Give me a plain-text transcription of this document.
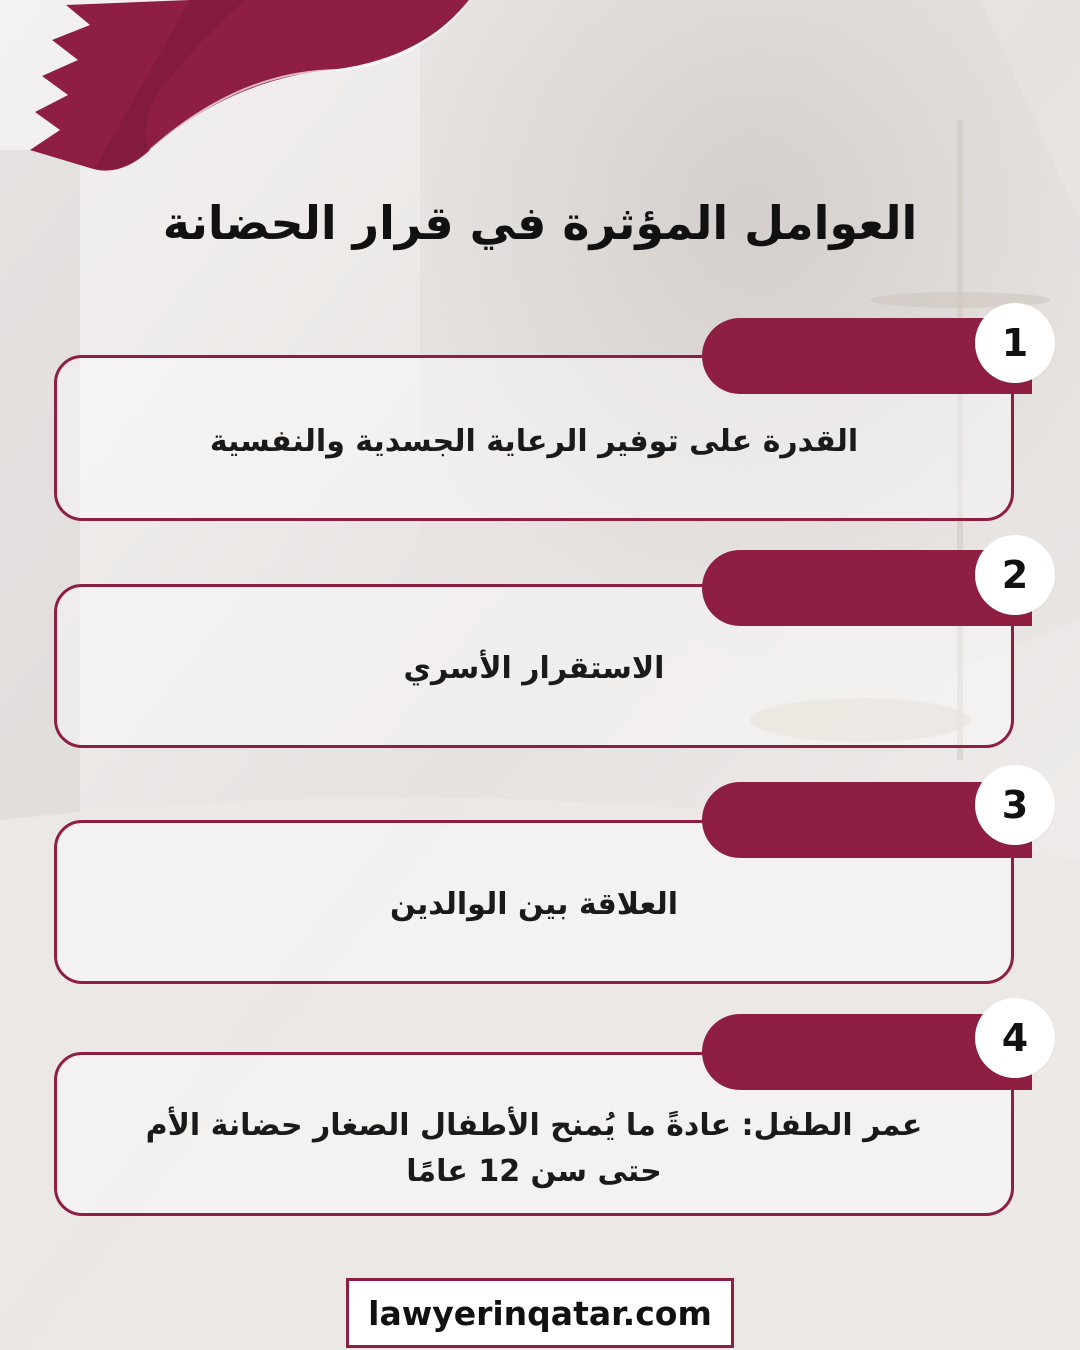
العوامل المؤثرة في قرار الحضانة
القدرة على توفير الرعاية الجسدية والنفسية
1
الاستقرار الأسري
2
العلاقة بين الوالدين
3
عمر الطفل: عادةً ما يُمنح الأطفال الصغار حضانة الأم حتى سن 12 عامًا
4
lawyerinqatar.com
